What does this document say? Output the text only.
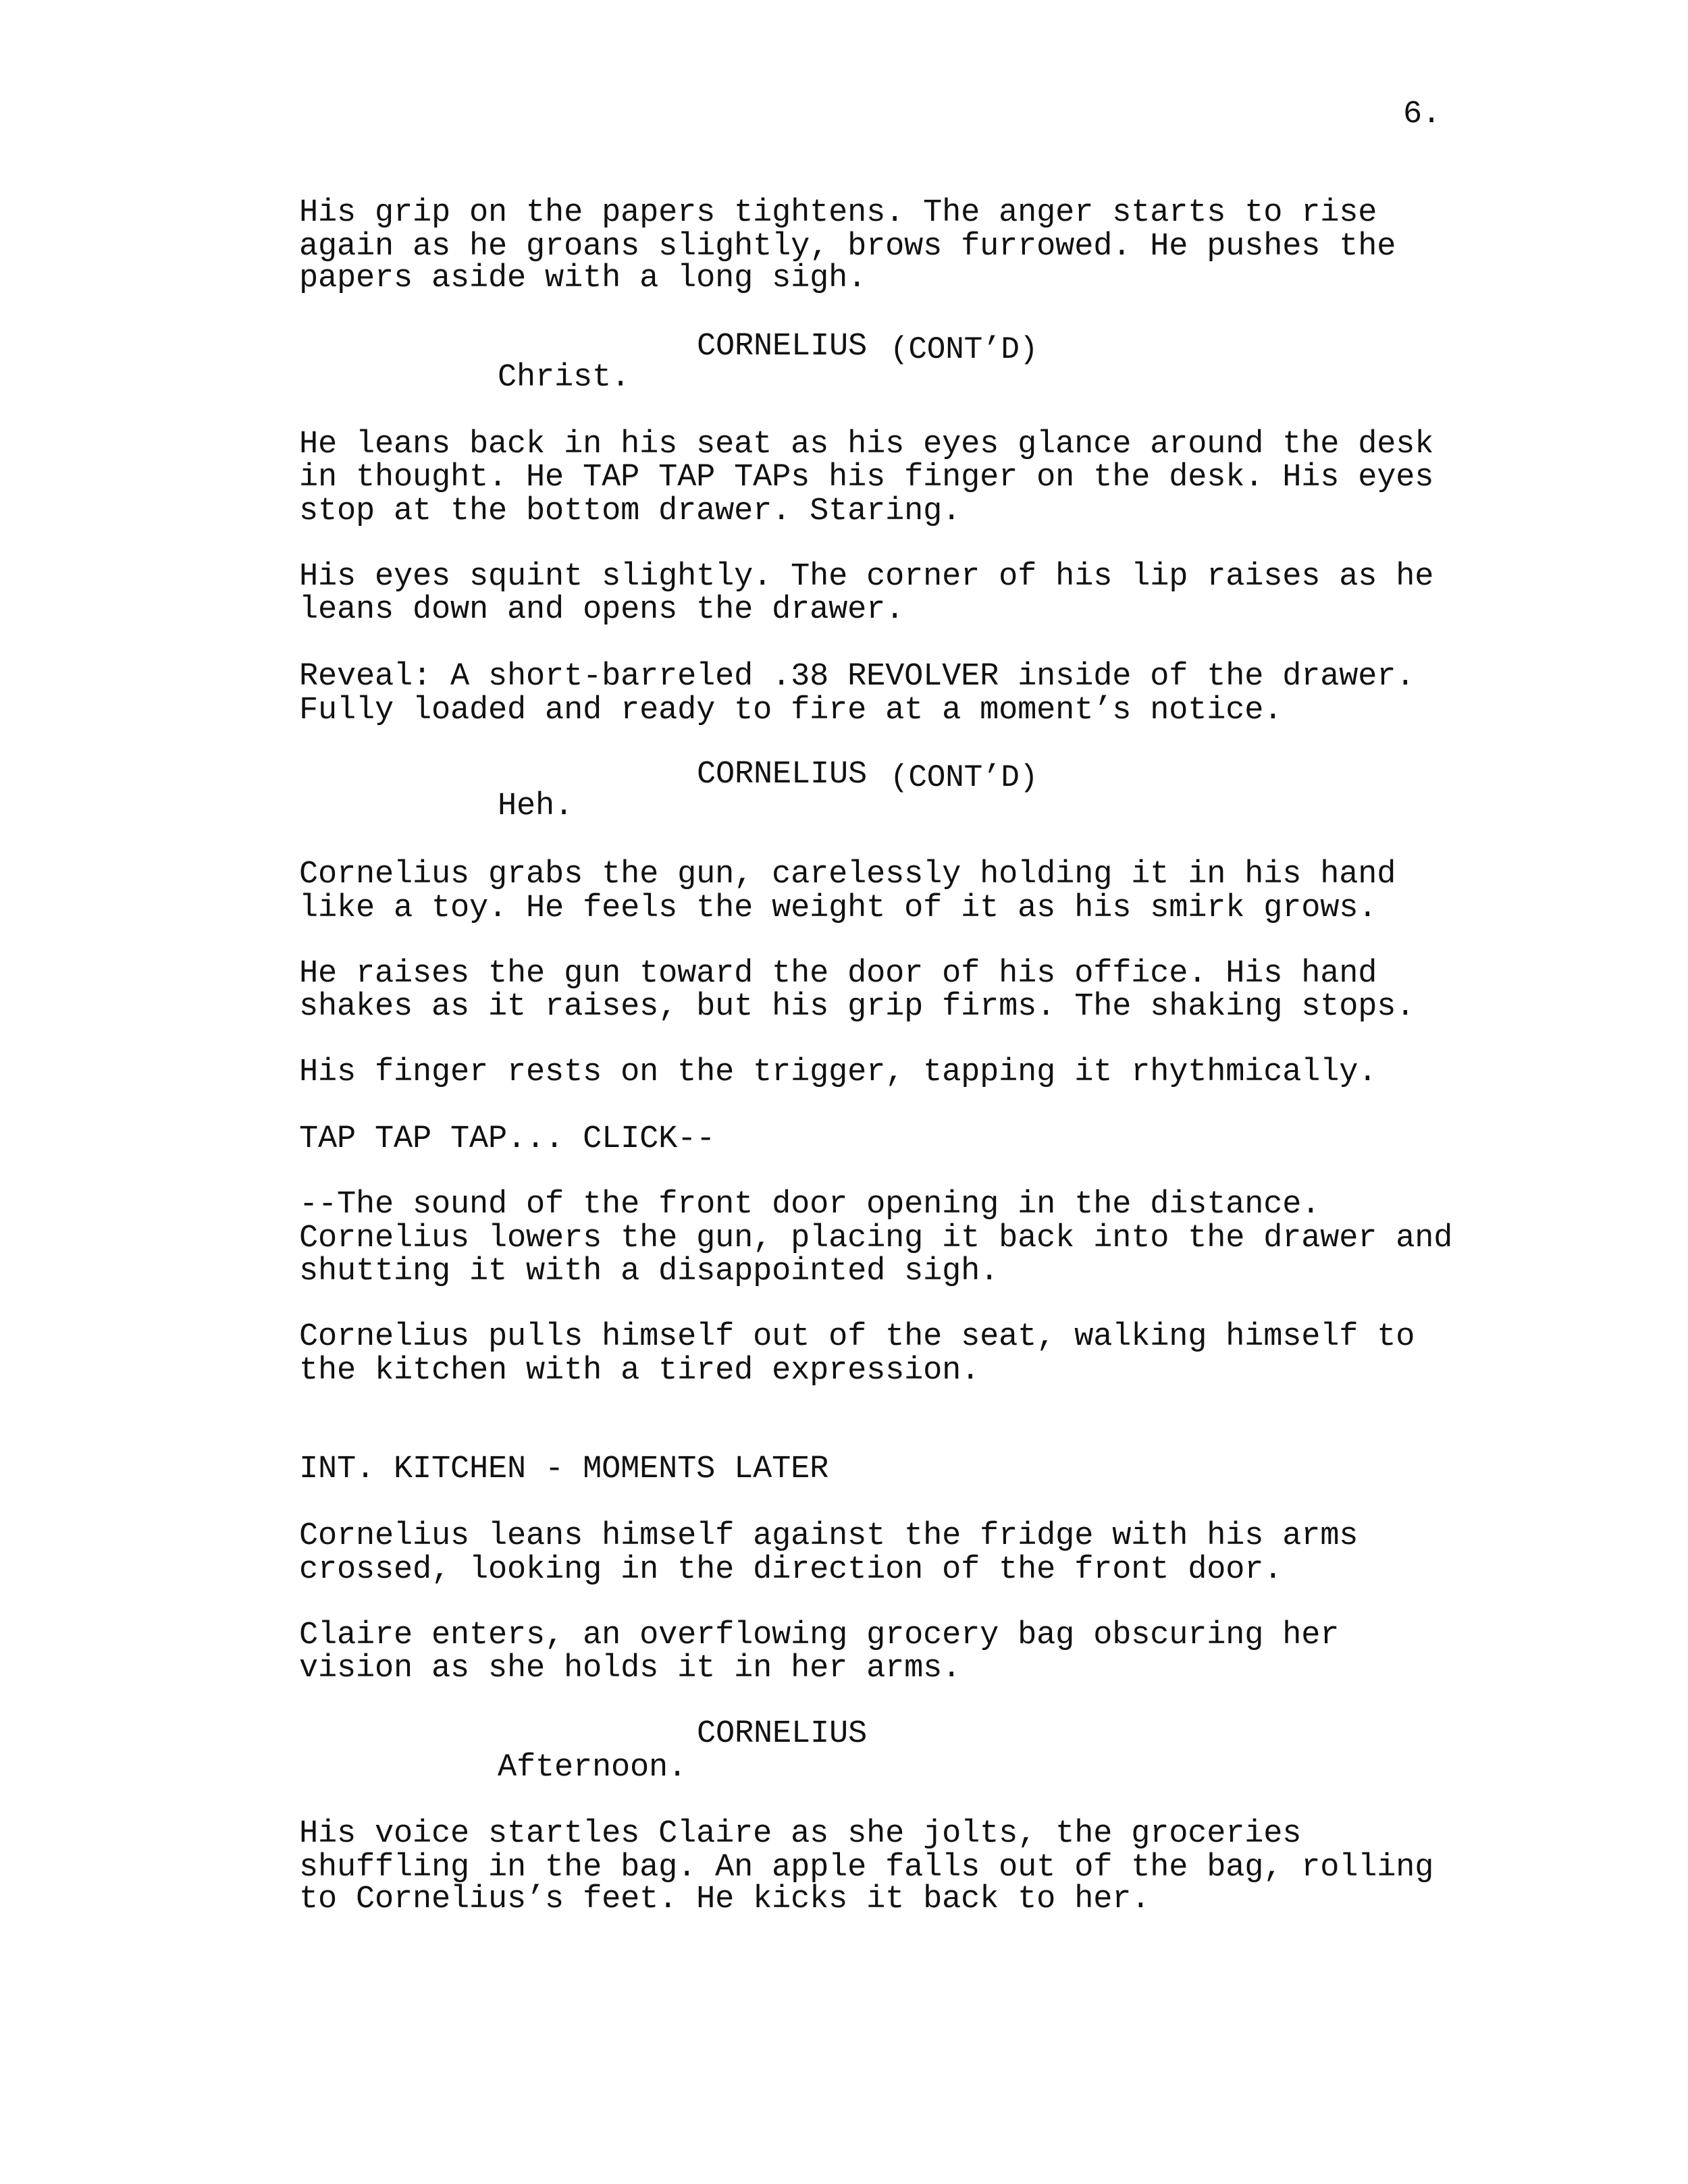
6.
His grip on the papers tightens. The anger starts to rise
again as he groans slightly, brows furrowed. He pushes the
papers aside with a long sigh.
CORNELIUS (CONT’D)
Christ.
He leans back in his seat as his eyes glance around the desk
in thought. He TAP TAP TAPs his finger on the desk. His eyes
stop at the bottom drawer. Staring.
His eyes squint slightly. The corner of his lip raises as he
leans down and opens the drawer.
Reveal: A short-barreled .38 REVOLVER inside of the drawer.
Fully loaded and ready to fire at a moment’s notice.
CORNELIUS (CONT’D)
Heh.
Cornelius grabs the gun, carelessly holding it in his hand
like a toy. He feels the weight of it as his smirk grows.
He raises the gun toward the door of his office. His hand
shakes as it raises, but his grip firms. The shaking stops.
His finger rests on the trigger, tapping it rhythmically.
TAP TAP TAP... CLICK--
--The sound of the front door opening in the distance.
Cornelius lowers the gun, placing it back into the drawer and
shutting it with a disappointed sigh.
Cornelius pulls himself out of the seat, walking himself to
the kitchen with a tired expression.
INT. KITCHEN - MOMENTS LATER
Cornelius leans himself against the fridge with his arms
crossed, looking in the direction of the front door.
Claire enters, an overflowing grocery bag obscuring her
vision as she holds it in her arms.
CORNELIUS
Afternoon.
His voice startles Claire as she jolts, the groceries
shuffling in the bag. An apple falls out of the bag, rolling
to Cornelius’s feet. He kicks it back to her.
